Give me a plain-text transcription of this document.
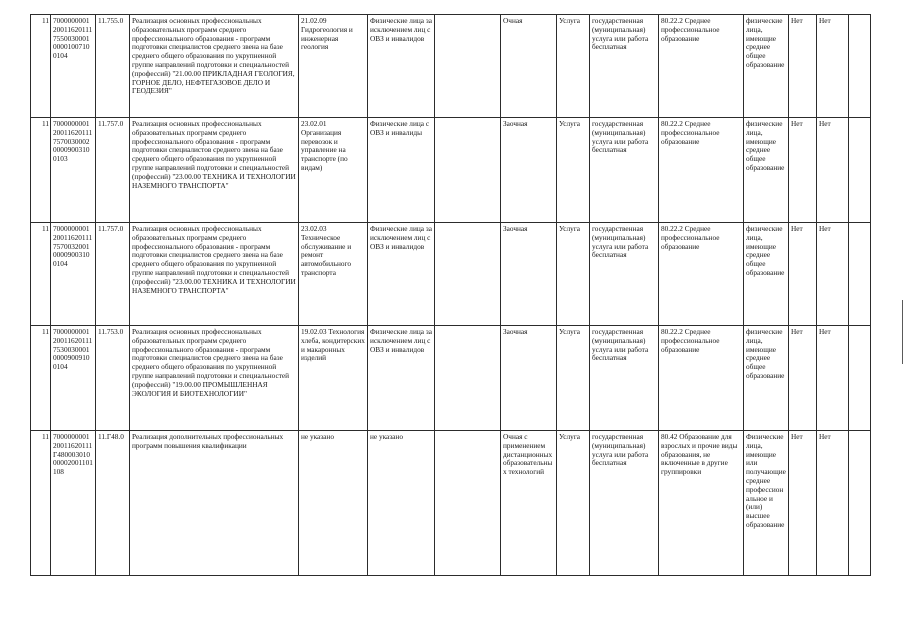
11	700000000120011620111755003000100001007100104	11.755.0	Реализация основных профессиональных образовательных программ среднего профессионального образования - программ подготовки специалистов среднего звена на базе среднего общего образования по укрупненной группе направлений подготовки и специальностей (профессий) "21.00.00 ПРИКЛАДНАЯ ГЕОЛОГИЯ, ГОРНОЕ ДЕЛО, НЕФТЕГАЗОВОЕ ДЕЛО И ГЕОДЕЗИЯ"	21.02.09 Гидрогеология и инженерная геология	Физические лица за исключением лиц с ОВЗ и инвалидов		Очная	Услуга	государственная (муниципальная) услуга или работа бесплатная	80.22.2 Среднее профессиональное образование	физические лица, имеющие среднее общее образование	Нет	Нет	
11	700000000120011620111757003000200009003100103	11.757.0	Реализация основных профессиональных образовательных программ среднего профессионального образования - программ подготовки специалистов среднего звена на базе среднего общего образования по укрупненной группе направлений подготовки и специальностей (профессий) "23.00.00 ТЕХНИКА И ТЕХНОЛОГИИ НАЗЕМНОГО ТРАНСПОРТА"	23.02.01 Организация перевозок и управление на транспорте (по видам)	Физические лица с ОВЗ и инвалиды		Заочная	Услуга	государственная (муниципальная) услуга или работа бесплатная	80.22.2 Среднее профессиональное образование	физические лица, имеющие среднее общее образование	Нет	Нет	
11	700000000120011620111757003200100009003100104	11.757.0	Реализация основных профессиональных образовательных программ среднего профессионального образования - программ подготовки специалистов среднего звена на базе среднего общего образования по укрупненной группе направлений подготовки и специальностей (профессий) "23.00.00 ТЕХНИКА И ТЕХНОЛОГИИ НАЗЕМНОГО ТРАНСПОРТА"	23.02.03 Техническое обслуживание и ремонт автомобильного транспорта	Физические лица за исключением лиц с ОВЗ и инвалидов		Заочная	Услуга	государственная (муниципальная) услуга или работа бесплатная	80.22.2 Среднее профессиональное образование	физические лица, имеющие среднее общее образование	Нет	Нет	
11	700000000120011620111753003000100009009100104	11.753.0	Реализация основных профессиональных образовательных программ среднего профессионального образования - программ подготовки специалистов среднего звена на базе среднего общего образования по укрупненной группе направлений подготовки и специальностей (профессий) "19.00.00 ПРОМЫШЛЕННАЯ ЭКОЛОГИЯ И БИОТЕХНОЛОГИИ"	19.02.03 Технология хлеба, кондитерских и макаронных изделий	Физические лица за исключением лиц с ОВЗ и инвалидов		Заочная	Услуга	государственная (муниципальная) услуга или работа бесплатная	80.22.2 Среднее профессиональное образование	физические лица, имеющие среднее общее образование	Нет	Нет	
11	700000000120011620111Г48000301000002001101108	11.Г48.0	Реализация дополнительных профессиональных программ повышения квалификации	не указано	не указано		Очная с применением дистанционных образовательных технологий	Услуга	государственная (муниципальная) услуга или работа бесплатная	80.42 Образование для взрослых и прочие виды образования, не включенные в другие группировки	Физические лица, имеющие или получающие среднее профессиональное и (или) высшее образование	Нет	Нет	
